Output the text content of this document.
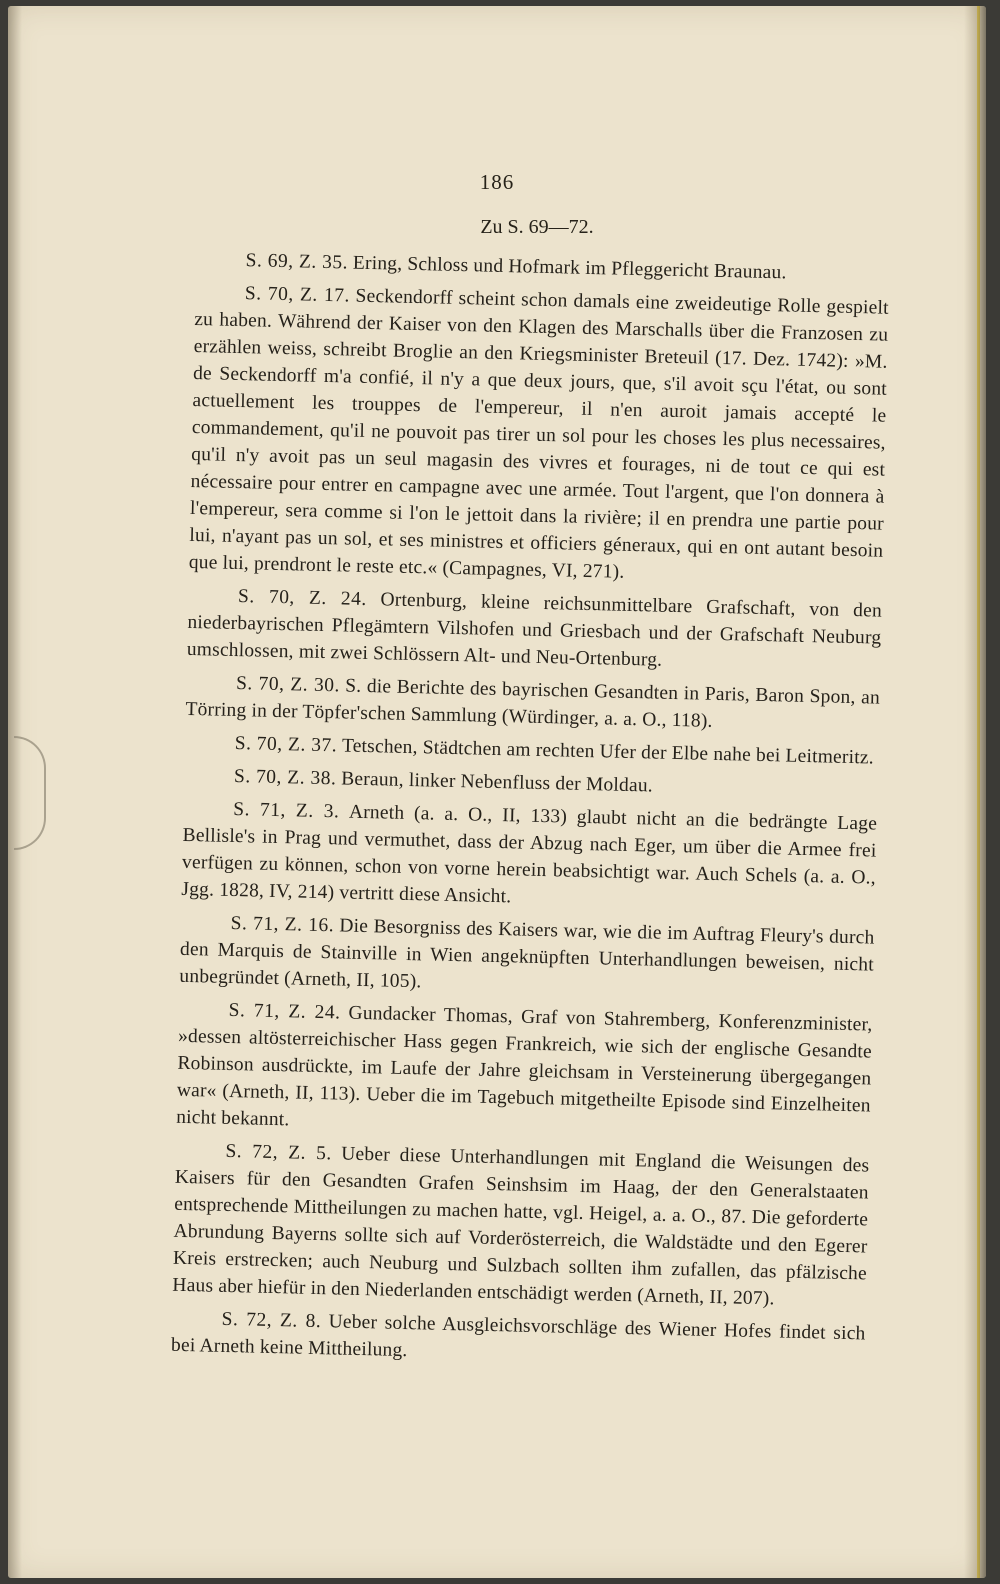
186
Zu S. 69—72.

S. 69, Z. 35. Ering, Schloss und Hofmark im Pfleggericht Braunau.

S. 70, Z. 17. Seckendorff scheint schon damals eine zweideutige Rolle gespielt zu haben. Während der Kaiser von den Klagen des Marschalls über die Franzosen zu erzählen weiss, schreibt Broglie an den Kriegsminister Breteuil (17. Dez. 1742): »M. de Seckendorff m'a confié, il n'y a que deux jours, que, s'il avoit sçu l'état, ou sont actuellement les trouppes de l'empereur, il n'en auroit jamais accepté le commandement, qu'il ne pouvoit pas tirer un sol pour les choses les plus necessaires, qu'il n'y avoit pas un seul magasin des vivres et fourages, ni de tout ce qui est nécessaire pour entrer en campagne avec une armée. Tout l'argent, que l'on donnera à l'empereur, sera comme si l'on le jettoit dans la rivière; il en prendra une partie pour lui, n'ayant pas un sol, et ses ministres et officiers géneraux, qui en ont autant besoin que lui, prendront le reste etc.« (Campagnes, VI, 271).

S. 70, Z. 24. Ortenburg, kleine reichsunmittelbare Grafschaft, von den niederbayrischen Pflegämtern Vilshofen und Griesbach und der Grafschaft Neuburg umschlossen, mit zwei Schlössern Alt- und Neu-Ortenburg.

S. 70, Z. 30. S. die Berichte des bayrischen Gesandten in Paris, Baron Spon, an Törring in der Töpfer'schen Sammlung (Würdinger, a. a. O., 118).

S. 70, Z. 37. Tetschen, Städtchen am rechten Ufer der Elbe nahe bei Leitmeritz.

S. 70, Z. 38. Beraun, linker Nebenfluss der Moldau.

S. 71, Z. 3. Arneth (a. a. O., II, 133) glaubt nicht an die bedrängte Lage Bellisle's in Prag und vermuthet, dass der Abzug nach Eger, um über die Armee frei verfügen zu können, schon von vorne herein beabsichtigt war. Auch Schels (a. a. O., Jgg. 1828, IV, 214) vertritt diese Ansicht.

S. 71, Z. 16. Die Besorgniss des Kaisers war, wie die im Auftrag Fleury's durch den Marquis de Stainville in Wien angeknüpften Unterhandlungen beweisen, nicht unbegründet (Arneth, II, 105).

S. 71, Z. 24. Gundacker Thomas, Graf von Stahremberg, Konferenzminister, »dessen altösterreichischer Hass gegen Frankreich, wie sich der englische Gesandte Robinson ausdrückte, im Laufe der Jahre gleichsam in Versteinerung übergegangen war« (Arneth, II, 113). Ueber die im Tagebuch mitgetheilte Episode sind Einzelheiten nicht bekannt.

S. 72, Z. 5. Ueber diese Unterhandlungen mit England die Weisungen des Kaisers für den Gesandten Grafen Seinshsim im Haag, der den Generalstaaten entsprechende Mittheilungen zu machen hatte, vgl. Heigel, a. a. O., 87. Die geforderte Abrundung Bayerns sollte sich auf Vorderösterreich, die Waldstädte und den Egerer Kreis erstrecken; auch Neuburg und Sulzbach sollten ihm zufallen, das pfälzische Haus aber hiefür in den Niederlanden entschädigt werden (Arneth, II, 207).

S. 72, Z. 8. Ueber solche Ausgleichsvorschläge des Wiener Hofes findet sich bei Arneth keine Mittheilung.
